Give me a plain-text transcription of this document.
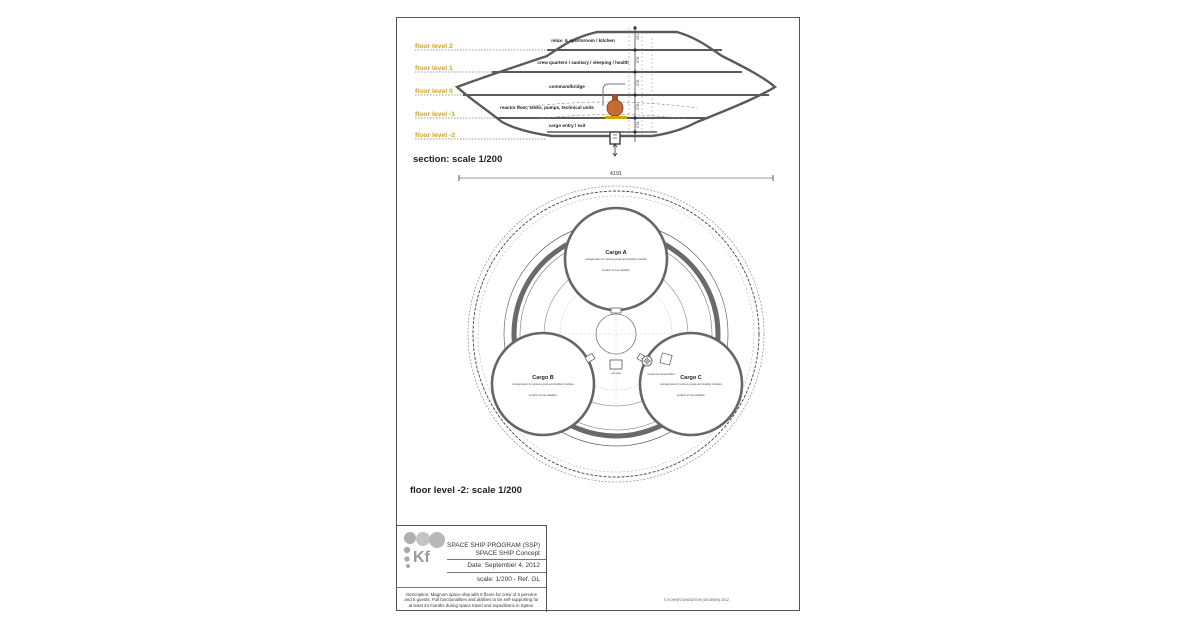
floor level 2
floor level 1
floor level 0
floor level -1
floor level -2
relax- & sportsroom / kitchen
crew quarters / sanitary / sleeping / health
commandbridge
reactor floor, tanks, pumps, technical units
cargo entry / exit
291
276
276
276
276
section: scale 1/200
4191
Cargo A
storage place for various goods and building modules
location of one stabilizer
Cargo B
storage place for various goods and building modules
location of one stabilizer
Cargo C
storage place for various goods and building modules
location of one stabilizer
exit way	nuclear fuel transportation
floor level -2: scale 1/200
Kf
SPACE SHIP PROGRAM (SSP)
SPACE SHIP Concept
Date: September 4, 2012
scale: 1/200 - Ref. GL
Description: Magnum space ship with 5 floors for crew of 5 persons and 5 guests. Full functionalities and abilities to be self-supporting for at least 24 months during space travel and expeditions in Space.
© KOHNFOUNDATION (GEUBEN) 2012
